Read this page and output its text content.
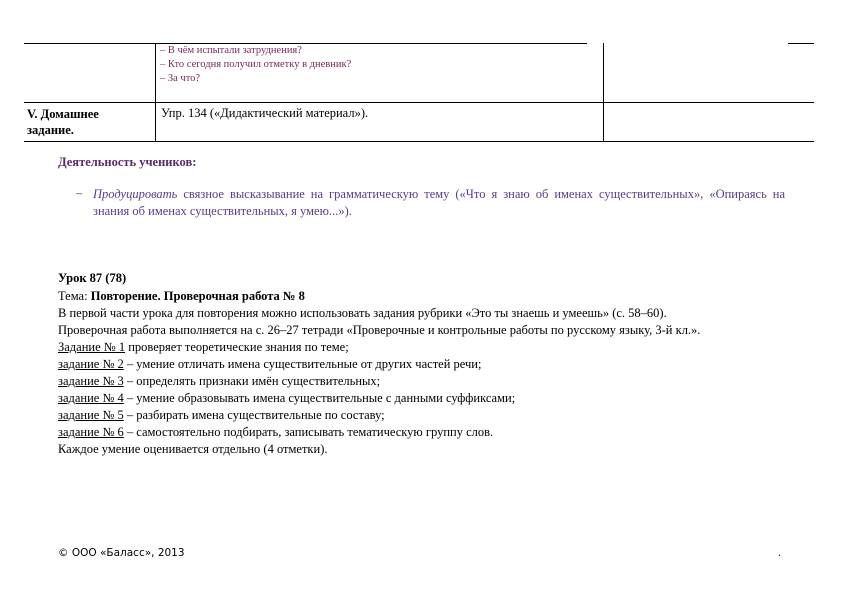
– В чём испытали затруднения?
– Кто сегодня получил отметку в дневник?
– За что?
V. Домашнее
задание.
Упр. 134 («Дидактический материал»).
Деятельность учеников:
– Продуцировать связное высказывание на грамматическую тему («Что я знаю об именах существительных», «Опираясь на знания об именах существительных, я умею...»).
Урок 87 (78)
Тема: Повторение. Проверочная работа № 8
В первой части урока для повторения можно использовать задания рубрики «Это ты знаешь и умеешь» (с. 58–60).
Проверочная работа выполняется на с. 26–27 тетради «Проверочные и контрольные работы по русскому языку, 3-й кл.».
Задание № 1 проверяет теоретические знания по теме;
задание № 2 – умение отличать имена существительные от других частей речи;
задание № 3 – определять признаки имён существительных;
задание № 4 – умение образовывать имена существительные с данными суффиксами;
задание № 5 – разбирать имена существительные по составу;
задание № 6 – самостоятельно подбирать, записывать тематическую группу слов.
Каждое умение оценивается отдельно (4 отметки).
© ООО «Баласс», 2013	.
